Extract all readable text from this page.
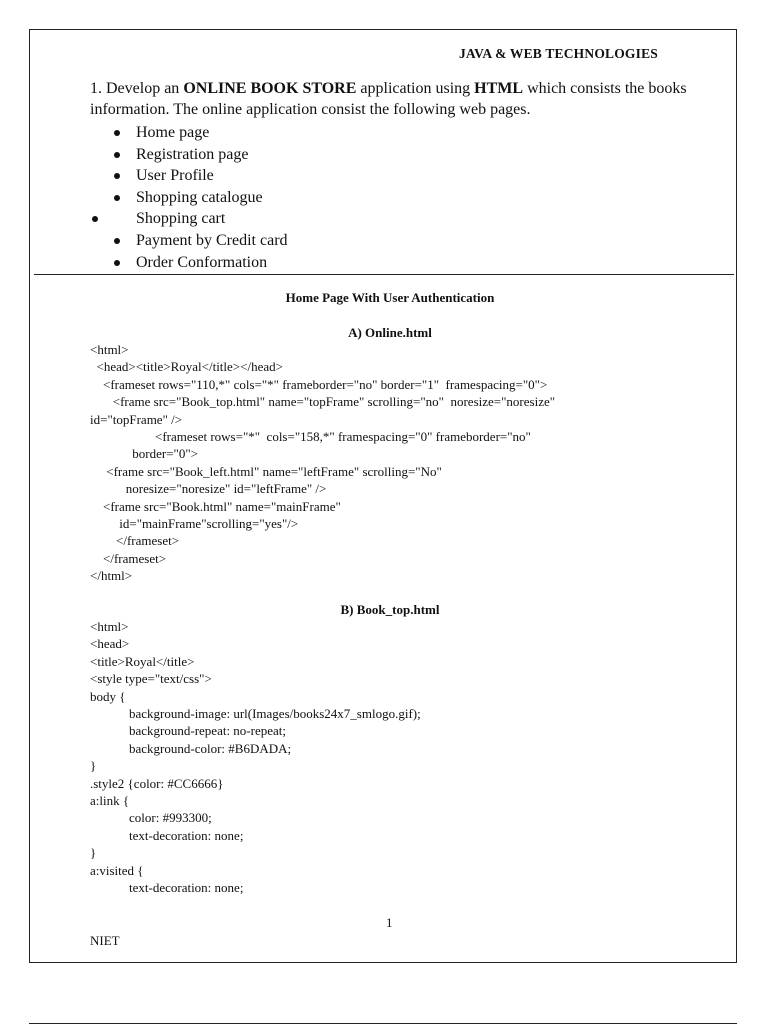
JAVA & WEB TECHNOLOGIES
1. Develop an ONLINE BOOK STORE application using HTML which consists the books information. The online application consist the following web pages.
Home page
Registration page
User Profile
Shopping catalogue
Shopping cart
Payment by Credit card
Order Conformation
Home Page With User Authentication
A) Online.html
<html>
<head><title>Royal</title></head>
<frameset rows="110,*" cols="*" frameborder="no" border="1"  framespacing="0">
<frame src="Book_top.html" name="topFrame" scrolling="no"  noresize="noresize"
id="topFrame" />
<frameset rows="*"  cols="158,*" framespacing="0" frameborder="no"
border="0">
<frame src="Book_left.html" name="leftFrame" scrolling="No"
noresize="noresize" id="leftFrame" />
<frame src="Book.html" name="mainFrame"
id="mainFrame"scrolling="yes"/>
</frameset>
</frameset>
</html>
B) Book_top.html
<html>
<head>
<title>Royal</title>
<style type="text/css">
body {
background-image: url(Images/books24x7_smlogo.gif);
background-repeat: no-repeat;
background-color: #B6DADA;
}
.style2 {color: #CC6666}
a:link {
color: #993300;
text-decoration: none;
}
a:visited {
text-decoration: none;
1
NIET
